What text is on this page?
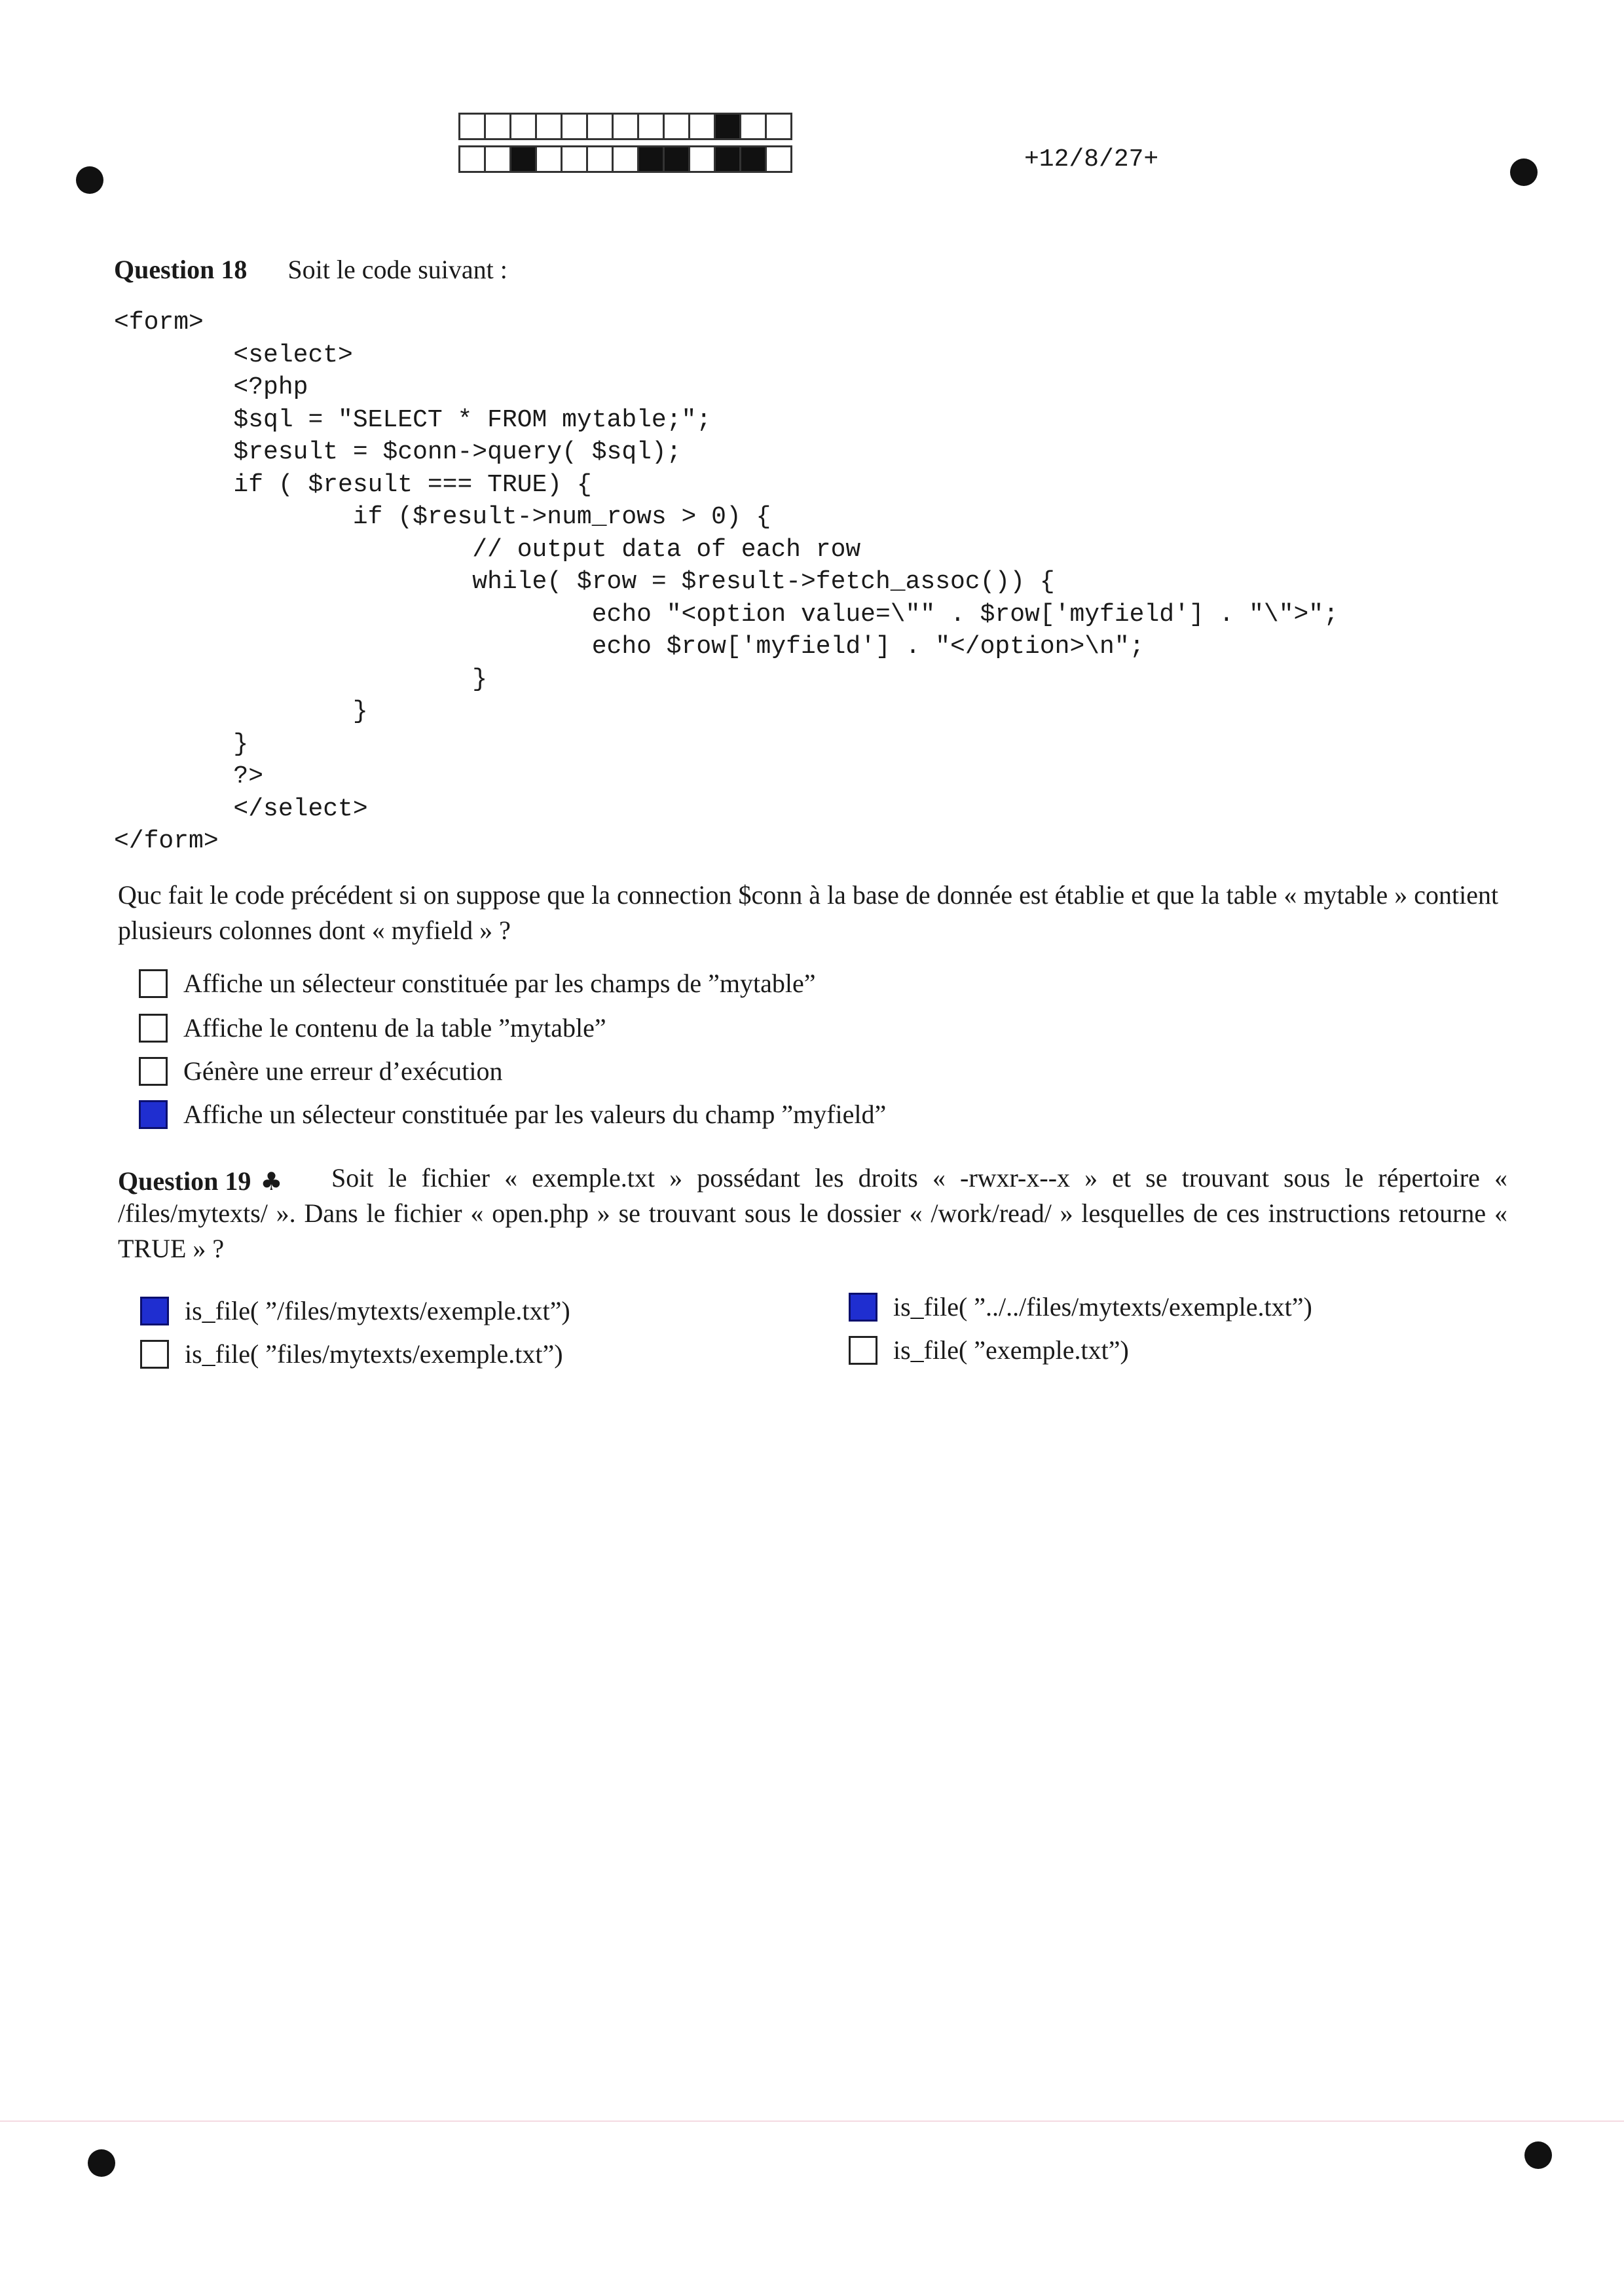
+12/8/27+
Question 18 Soit le code suivant :
<form>
<select>
<?php
$sql = "SELECT * FROM mytable;";
$result = $conn->query( $sql);
if ( $result === TRUE) {
if ($result->num_rows > 0) {
// output data of each row
while( $row = $result->fetch_assoc()) {
echo "<option value=\"" . $row['myfield'] . "\">";
echo $row['myfield'] . "</option>\n";
}
}
}
?>
</select>
</form>
Quc fait le code précédent si on suppose que la connection $conn à la base de donnée est établie et que la table « mytable » contient plusieurs colonnes dont « myfield » ?
Affiche un sélecteur constituée par les champs de ”mytable”
Affiche le contenu de la table ”mytable”
Génère une erreur d’exécution
Affiche un sélecteur constituée par les valeurs du champ ”myfield”
Question 19 ♣	Soit le fichier « exemple.txt » possédant les droits « -rwxr-x--x » et se trouvant sous le répertoire « /files/mytexts/ ». Dans le fichier « open.php » se trouvant sous le dossier « /work/read/ » lesquelles de ces instructions retourne « TRUE » ?
is_file( ”/files/mytexts/exemple.txt”)
is_file( ”files/mytexts/exemple.txt”)
is_file( ”../../files/mytexts/exemple.txt”)
is_file( ”exemple.txt”)
